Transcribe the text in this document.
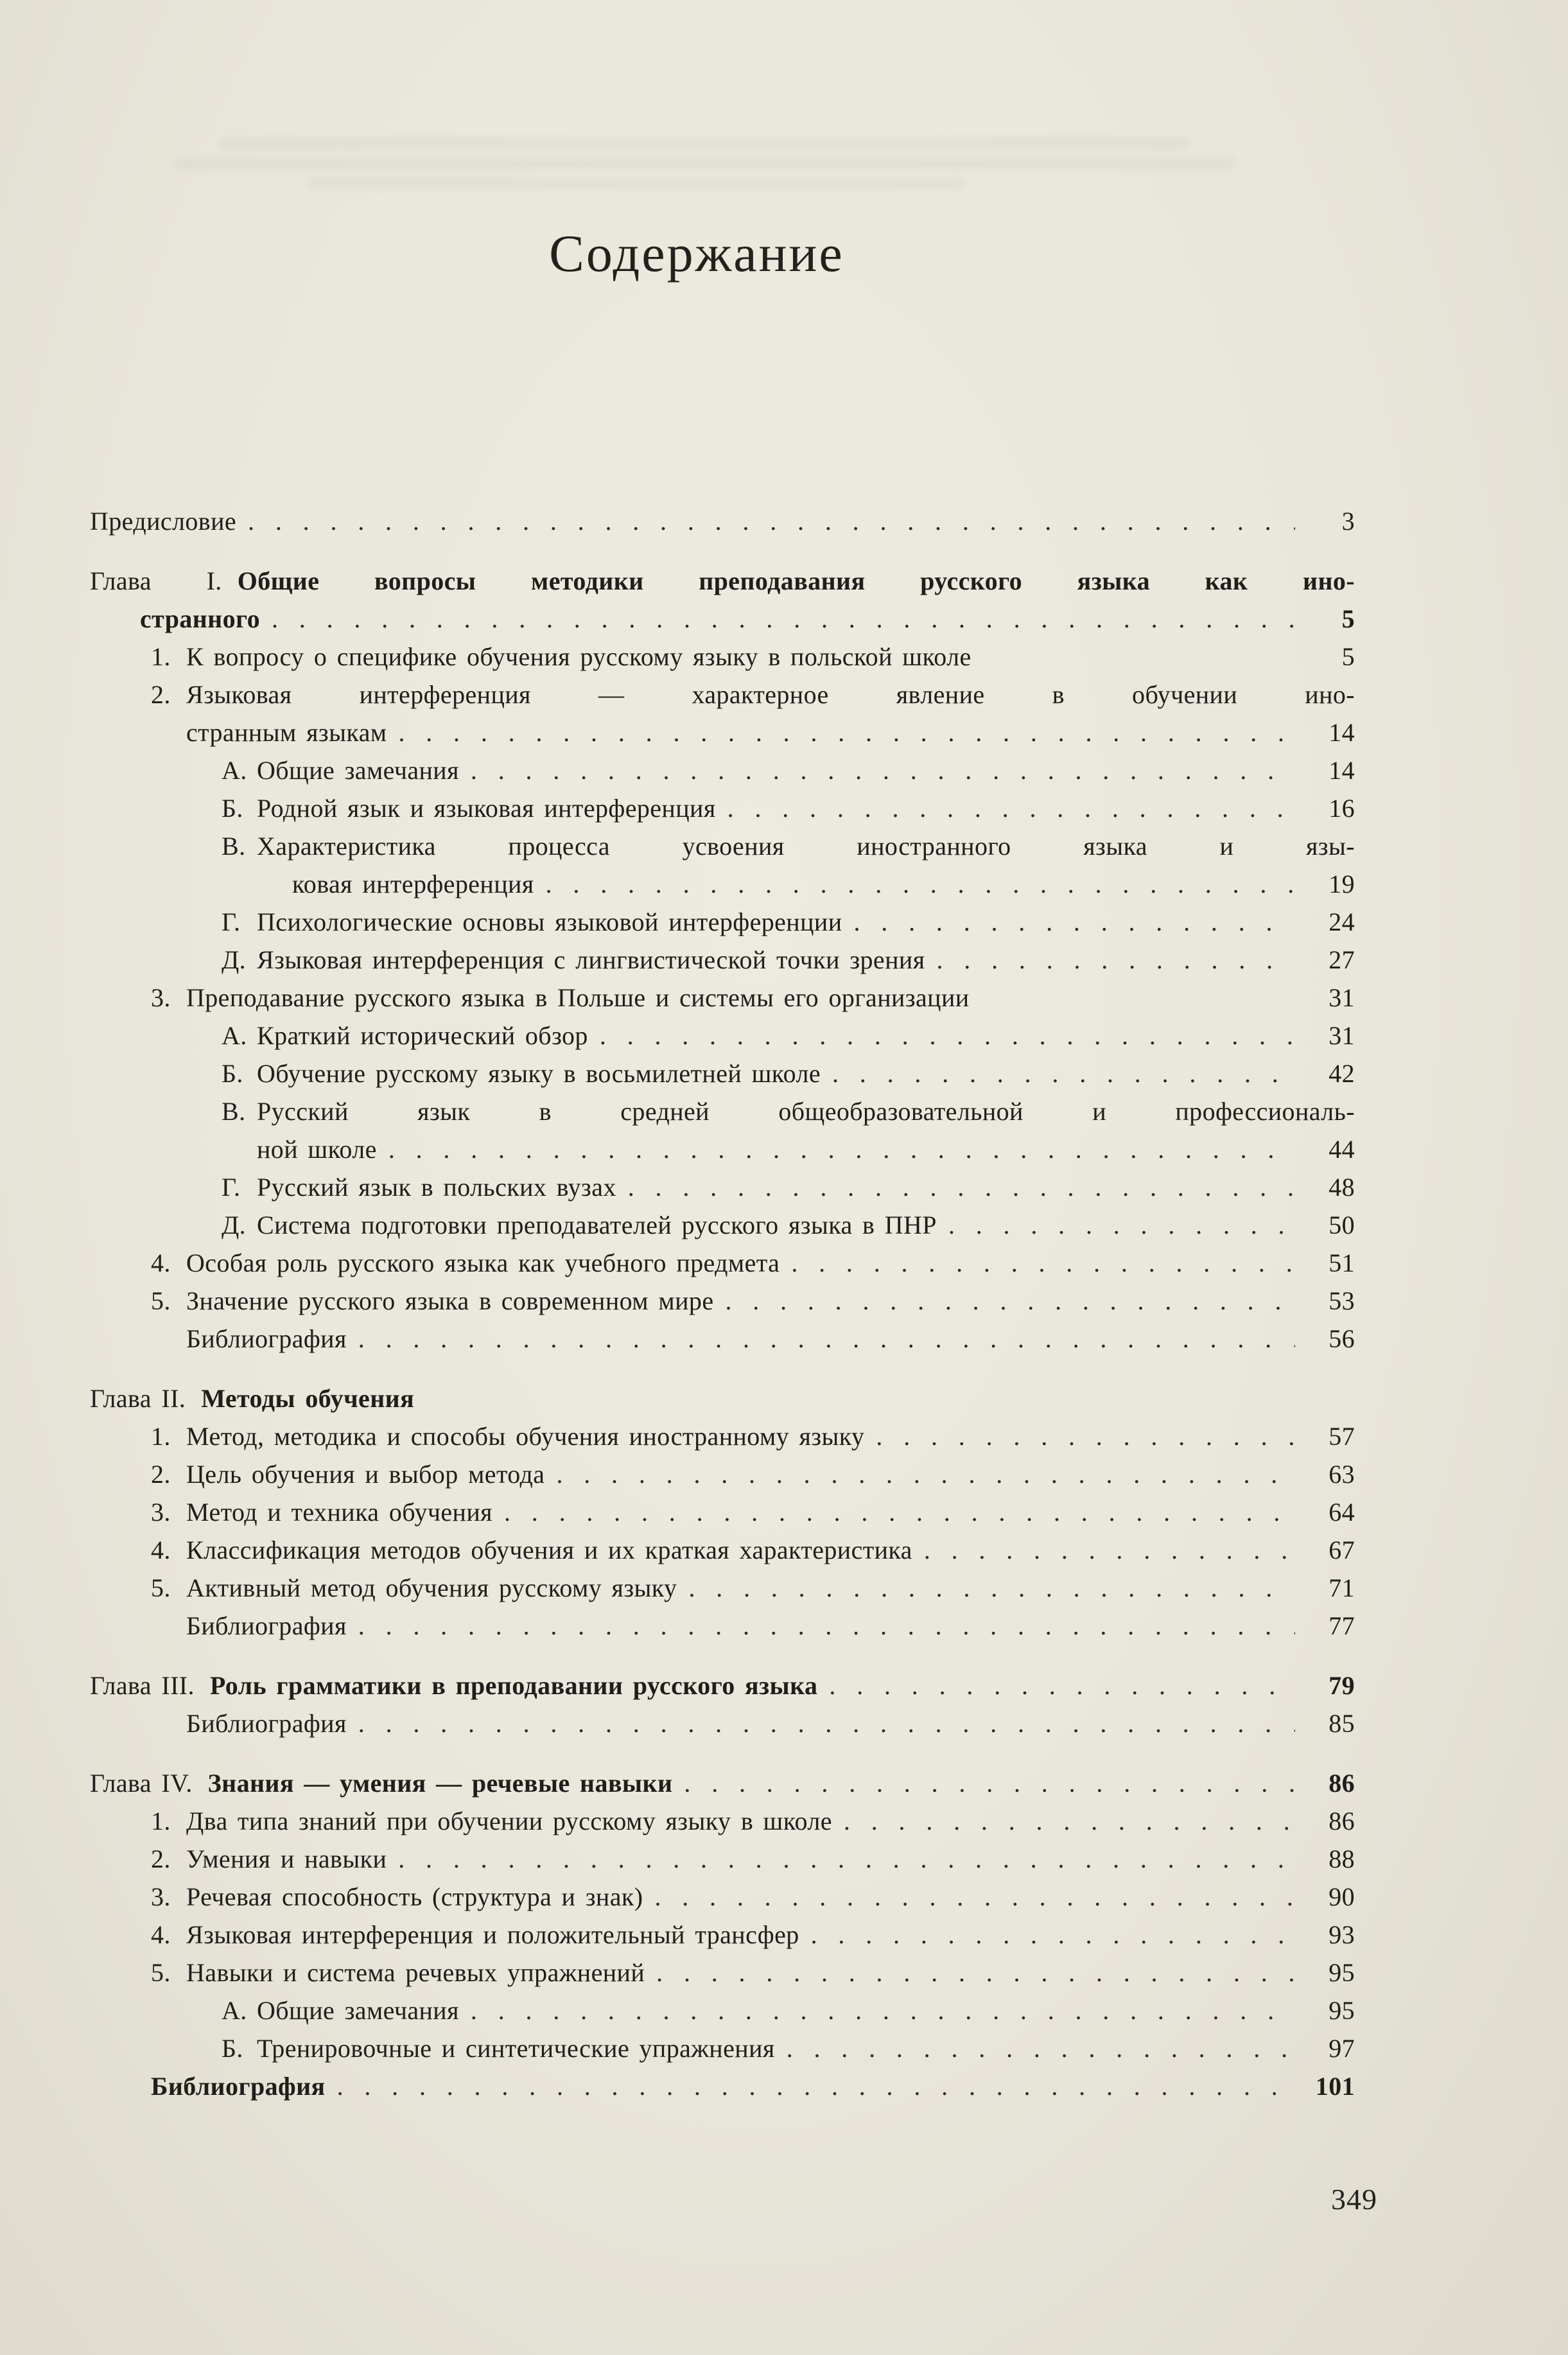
Содержание
Предисловие . . .	3
Глава I. Общие вопросы методики преподавания русского языка как ино-
странного . . .	5
1. К вопросу о специфике обучения русскому языку в польской школе	5
2. Языковая интерференция — характерное явление в обучении ино-
странным языкам . . .	14
А. Общие замечания . . .	14
Б. Родной язык и языковая интерференция . . .	16
В. Характеристика процесса усвоения иностранного языка и язы-
ковая интерференция . . .	19
Г. Психологические основы языковой интерференции . . .	24
Д. Языковая интерференция с лингвистической точки зрения . . .	27
3. Преподавание русского языка в Польше и системы его организации	31
А. Краткий исторический обзор . . .	31
Б. Обучение русскому языку в восьмилетней школе . . .	42
В. Русский язык в средней общеобразовательной и профессиональ-
ной школе . . .	44
Г. Русский язык в польских вузах . . .	48
Д. Система подготовки преподавателей русского языка в ПНР . . .	50
4. Особая роль русского языка как учебного предмета . . .	51
5. Значение русского языка в современном мире . . .	53
Библиография . . .	56
Глава II. Методы обучения
1. Метод, методика и способы обучения иностранному языку . . .	57
2. Цель обучения и выбор метода . . .	63
3. Метод и техника обучения . . .	64
4. Классификация методов обучения и их краткая характеристика . . .	67
5. Активный метод обучения русскому языку . . .	71
Библиография . . .	77
Глава III. Роль грамматики в преподавании русского языка . . .	79
Библиография . . .	85
Глава IV. Знания — умения — речевые навыки . . .	86
1. Два типа знаний при обучении русскому языку в школе . . .	86
2. Умения и навыки . . .	88
3. Речевая способность (структура и знак) . . .	90
4. Языковая интерференция и положительный трансфер . . .	93
5. Навыки и система речевых упражнений . . .	95
А. Общие замечания . . .	95
Б. Тренировочные и синтетические упражнения . . .	97
Библиография . . .	101
349
